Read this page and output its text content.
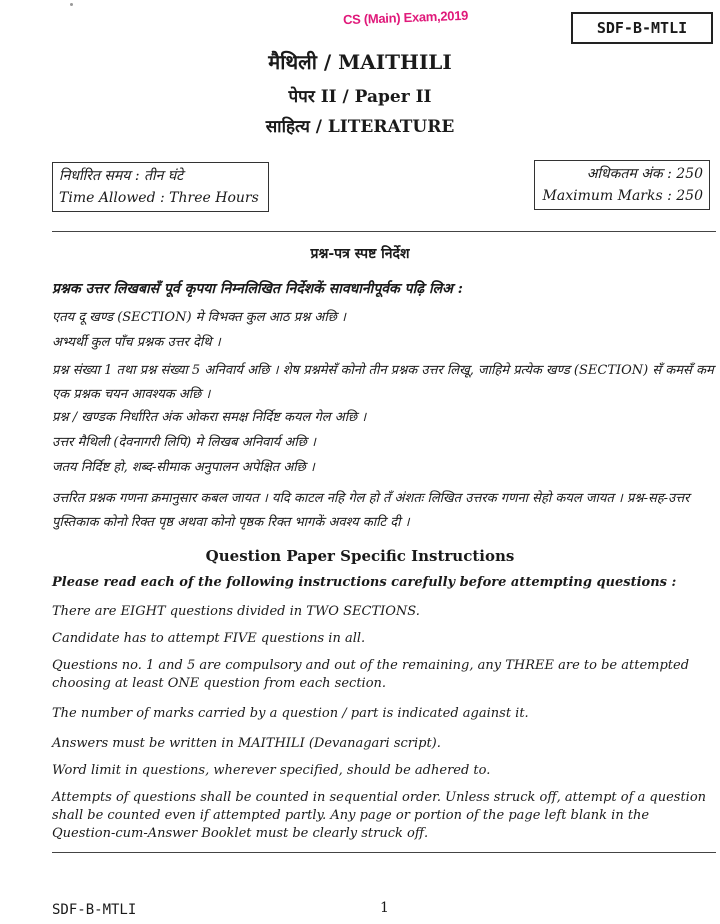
CS (Main) Exam,2019
SDF-B-MTLI
मैथिली / MAITHILI
पेपर II / Paper II
साहित्य / LITERATURE
निर्धारित समय : तीन घंटे
Time Allowed : Three Hours
अधिकतम अंक : 250
Maximum Marks : 250
प्रश्न-पत्र स्पष्ट निर्देश
प्रश्नक उत्तर लिखबासँ पूर्व कृपया निम्नलिखित निर्देशकें सावधानीपूर्वक पढ़ि लिअ :
एतय दू खण्ड (SECTION) मे विभक्त कुल आठ प्रश्न अछि ।
अभ्यर्थी कुल पाँच प्रश्नक उत्तर देथि ।
प्रश्न संख्या 1 तथा प्रश्न संख्या 5 अनिवार्य अछि । शेष प्रश्नमेसँ कोनो तीन प्रश्नक उत्तर लिखू, जाहिमे प्रत्येक खण्ड (SECTION) सँ कमसँ कम एक प्रश्नक चयन आवश्यक अछि ।
प्रश्न / खण्डक निर्धारित अंक ओकरा समक्ष निर्दिष्ट कयल गेल अछि ।
उत्तर मैथिली (देवनागरी लिपि) मे लिखब अनिवार्य अछि ।
जतय निर्दिष्ट हो, शब्द-सीमाक अनुपालन अपेक्षित अछि ।
उत्तरित प्रश्नक गणना क्रमानुसार कबल जायत । यदि काटल नहि गेल हो तँ अंशतः लिखित उत्तरक गणना सेहो कयल जायत । प्रश्न-सह-उत्तर पुस्तिकाक कोनो रिक्त पृष्ठ अथवा कोनो पृष्ठक रिक्त भागकें अवश्य काटि दी ।
Question Paper Specific Instructions
Please read each of the following instructions carefully before attempting questions :
There are EIGHT questions divided in TWO SECTIONS.
Candidate has to attempt FIVE questions in all.
Questions no. 1 and 5 are compulsory and out of the remaining, any THREE are to be attempted choosing at least ONE question from each section.
The number of marks carried by a question / part is indicated against it.
Answers must be written in MAITHILI (Devanagari script).
Word limit in questions, wherever specified, should be adhered to.
Attempts of questions shall be counted in sequential order. Unless struck off, attempt of a question shall be counted even if attempted partly. Any page or portion of the page left blank in the Question-cum-Answer Booklet must be clearly struck off.
SDF-B-MTLI	1
